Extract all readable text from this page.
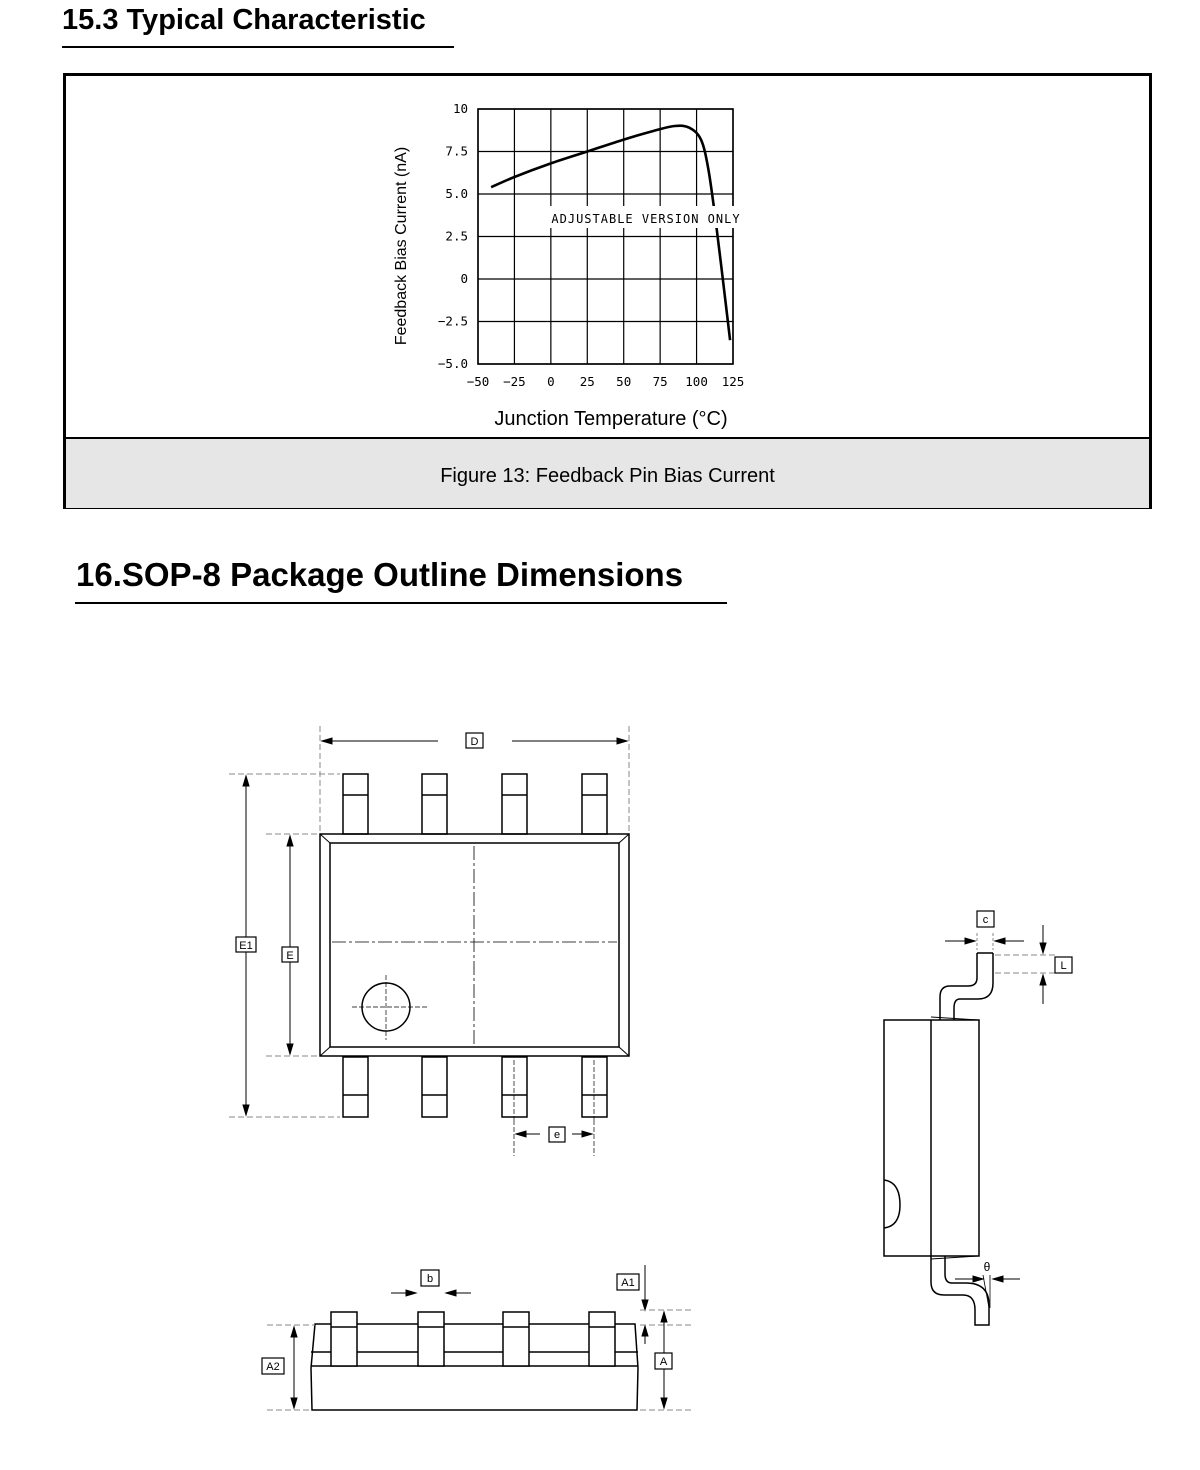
15.3 Typical Characteristic
−50 −25 0 25 50 75 100 125
10
7.5
5.0
2.5
0
−2.5
−5.0
ADJUSTABLE VERSION ONLY
Feedback Bias Current (nA)
Junction Temperature (°C)
Figure 13: Feedback Pin Bias Current
16.SOP-8 Package Outline Dimensions
D
E1
E
e
b	A1
A
A2
c
L
θ
